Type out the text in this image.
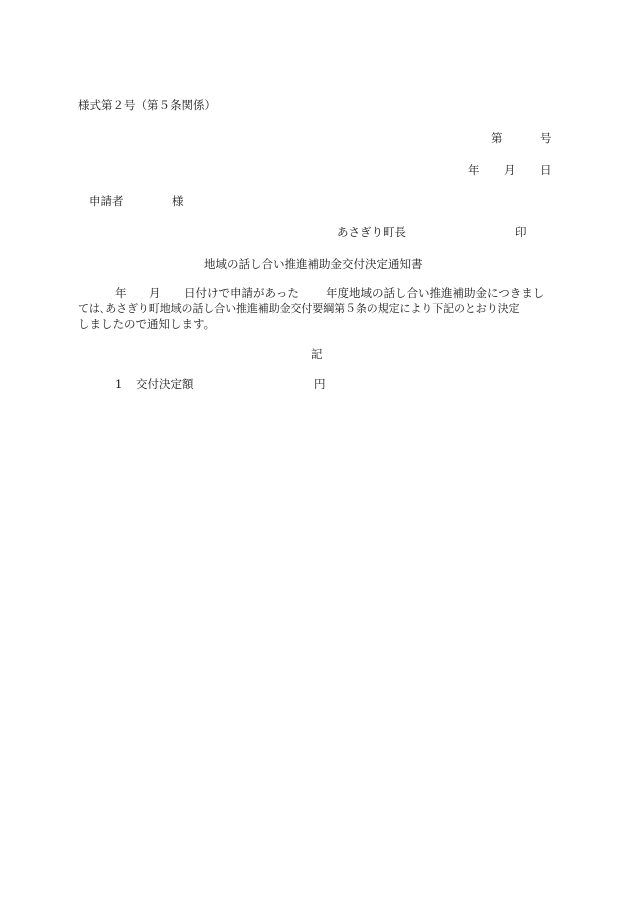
様式第２号（第５条関係）
第	号
年 月 日
申請者	様
あさぎり町長	印
地域の話し合い推進補助金交付決定通知書
年 月 日付けで申請があった 年度地域の話し合い推進補助金につきまし
ては､あさぎり町地域の話し合い推進補助金交付要綱第５条の規定により下記のとおり決定
しましたので通知します。
記
1 交付決定額	円
